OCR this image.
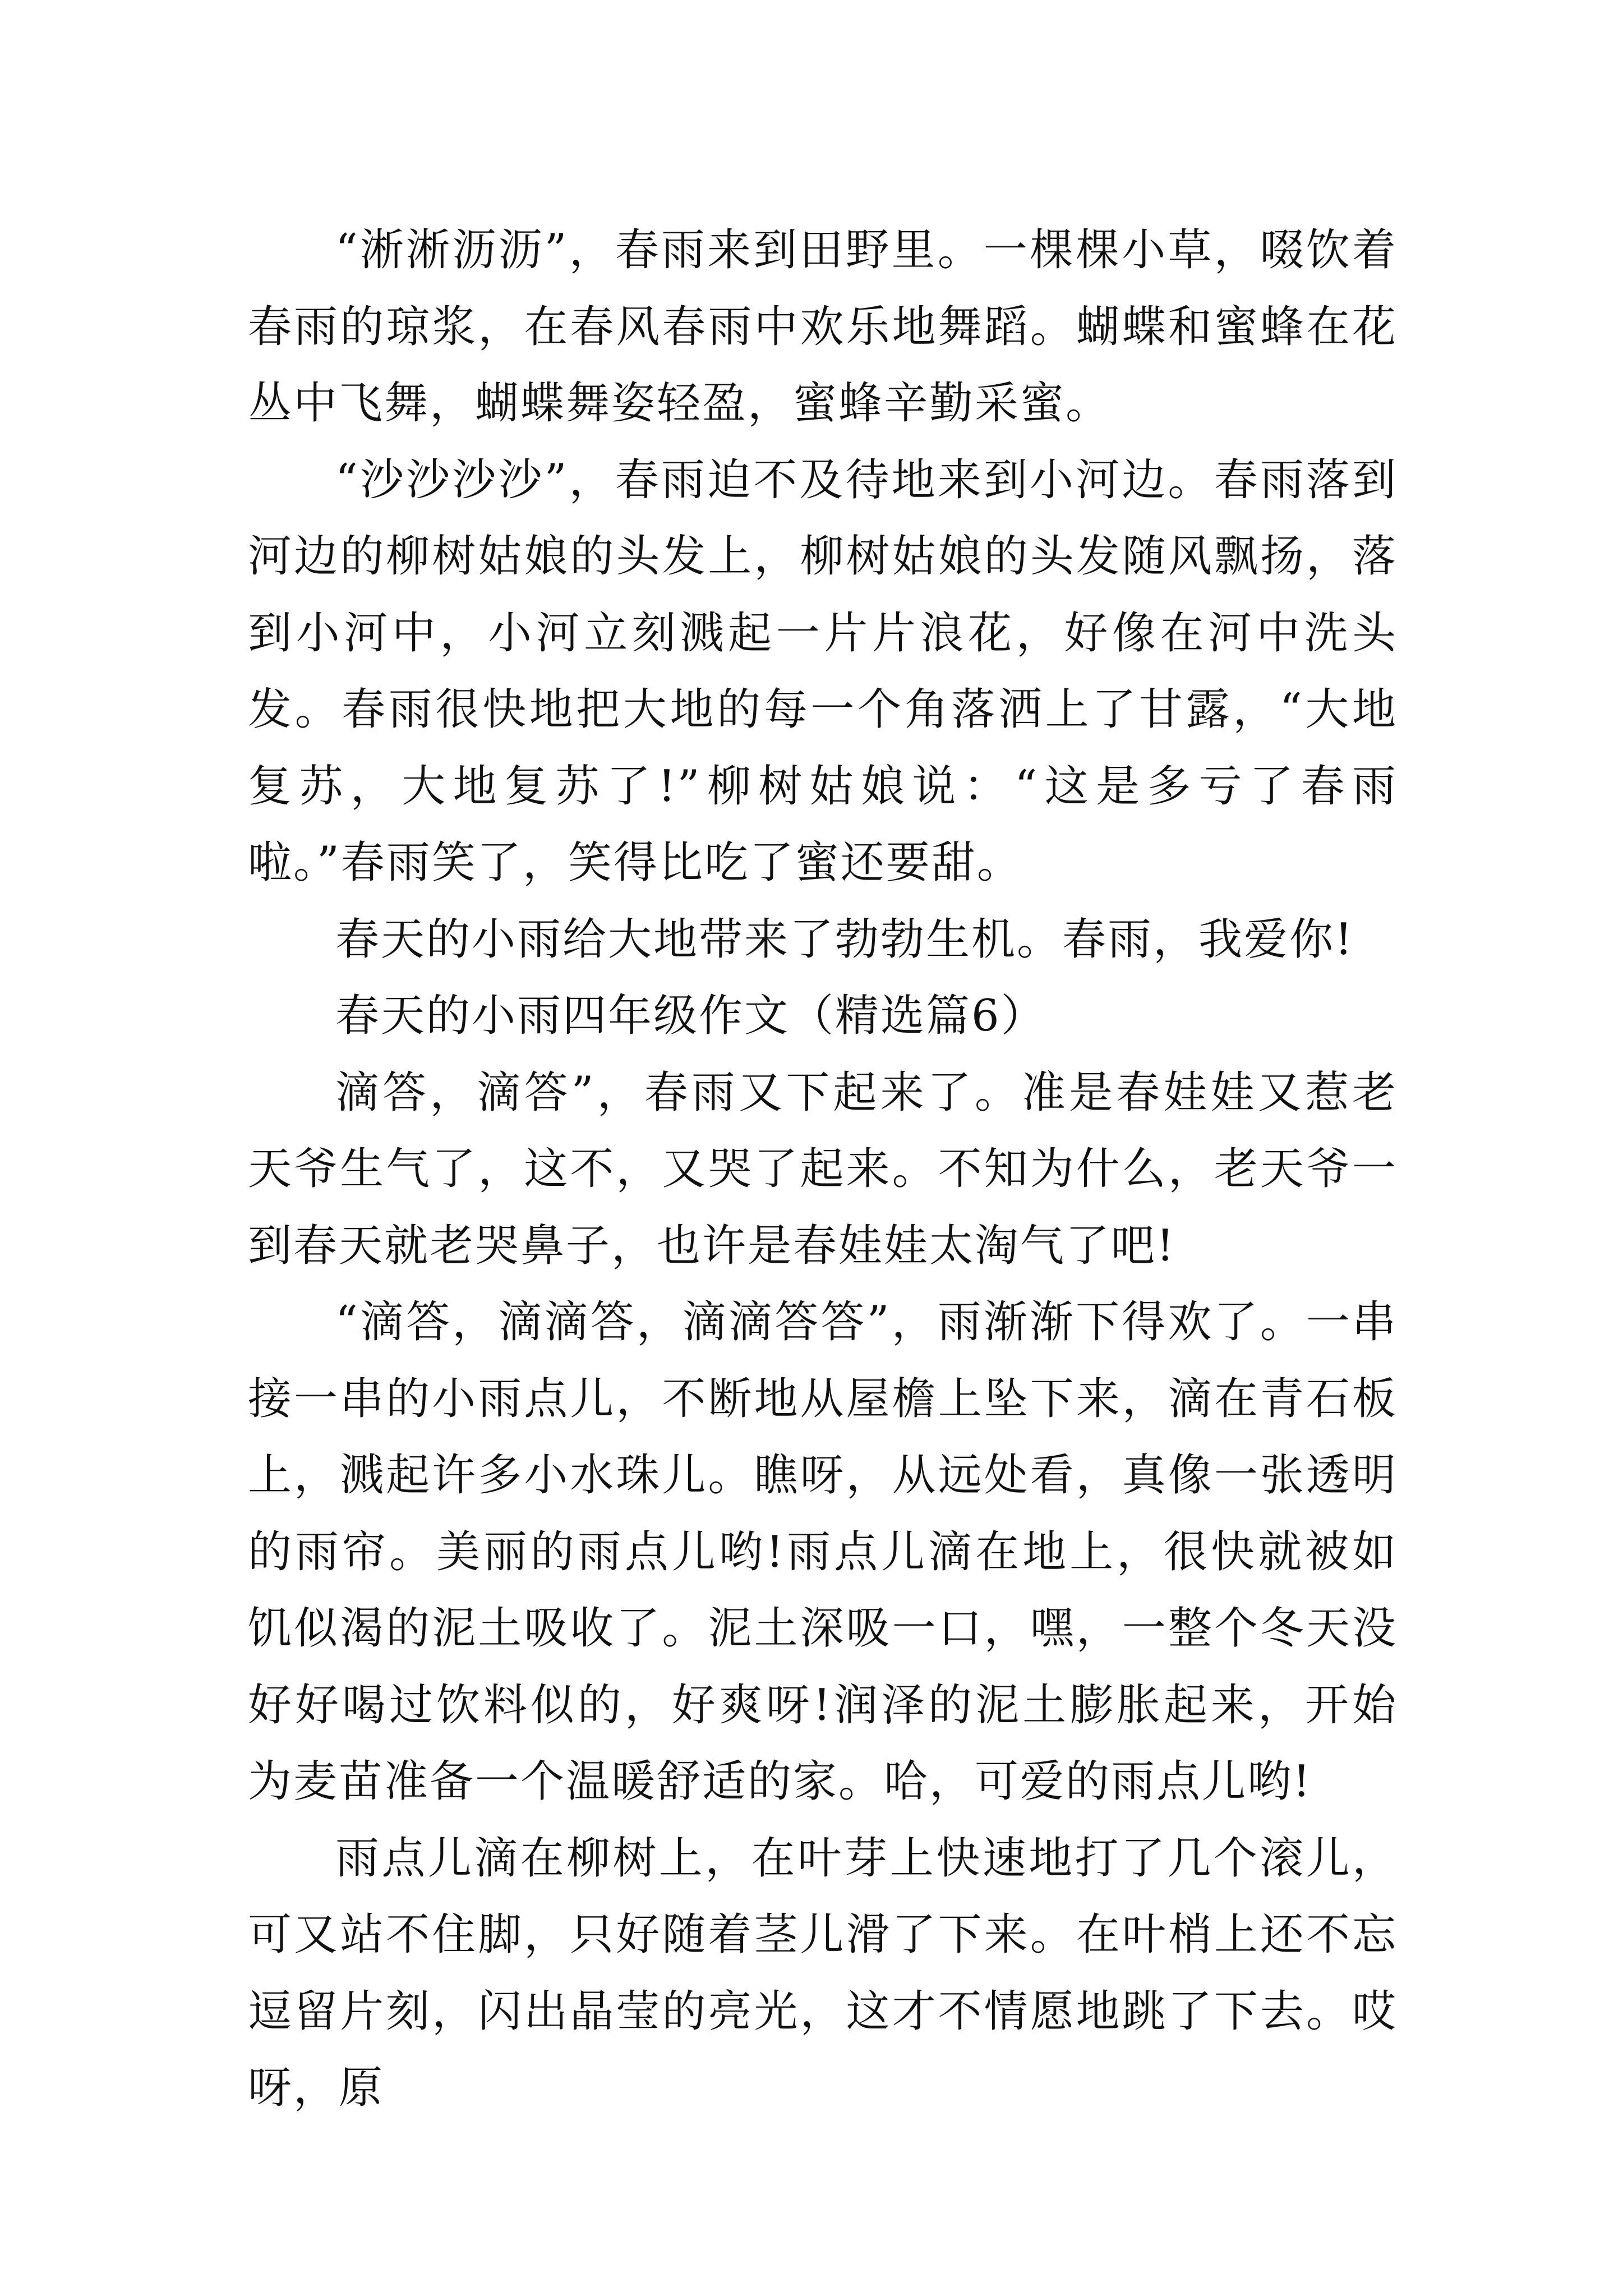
“淅淅沥沥”，春雨来到田野里。一棵棵小草，啜饮着春雨的琼浆，在春风春雨中欢乐地舞蹈。蝴蝶和蜜蜂在花丛中飞舞，蝴蝶舞姿轻盈，蜜蜂辛勤采蜜。

“沙沙沙沙”，春雨迫不及待地来到小河边。春雨落到河边的柳树姑娘的头发上，柳树姑娘的头发随风飘扬，落到小河中，小河立刻溅起一片片浪花，好像在河中洗头发。春雨很快地把大地的每一个角落洒上了甘露，“大地复苏，大地复苏了!”柳树姑娘说：“这是多亏了春雨啦。”春雨笑了，笑得比吃了蜜还要甜。

春天的小雨给大地带来了勃勃生机。春雨，我爱你!

春天的小雨四年级作文（精选篇6）

滴答，滴答”，春雨又下起来了。准是春娃娃又惹老天爷生气了，这不，又哭了起来。不知为什么，老天爷一到春天就老哭鼻子，也许是春娃娃太淘气了吧!

“滴答，滴滴答，滴滴答答”，雨渐渐下得欢了。一串接一串的小雨点儿，不断地从屋檐上坠下来，滴在青石板上，溅起许多小水珠儿。瞧呀，从远处看，真像一张透明的雨帘。美丽的雨点儿哟!雨点儿滴在地上，很快就被如饥似渴的泥土吸收了。泥土深吸一口，嘿，一整个冬天没好好喝过饮料似的，好爽呀!润泽的泥土膨胀起来，开始为麦苗准备一个温暖舒适的家。哈，可爱的雨点儿哟!

雨点儿滴在柳树上，在叶芽上快速地打了几个滚儿，可又站不住脚，只好随着茎儿滑了下来。在叶梢上还不忘逗留片刻，闪出晶莹的亮光，这才不情愿地跳了下去。哎呀，原
